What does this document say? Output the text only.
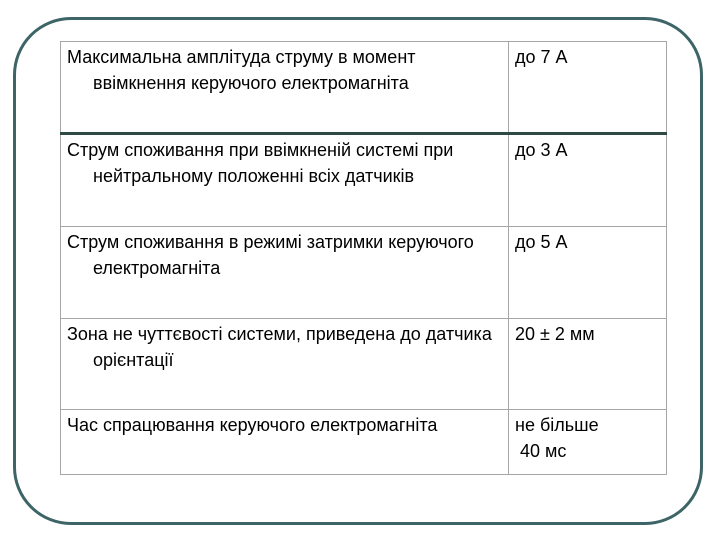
Максимальна амплітуда струму в момент ввімкнення керуючого електромагніта	до 7 А

Струм споживання при ввімкненій системі при нейтральному положенні всіх датчиків	до 3 А

Струм споживання в режимі затримки керуючого електромагніта	до 5 А

Зона не чуттєвості системи, приведена до датчика орієнтації	20 ± 2 мм

Час спрацювання керуючого електромагніта	не більше
40 мс
